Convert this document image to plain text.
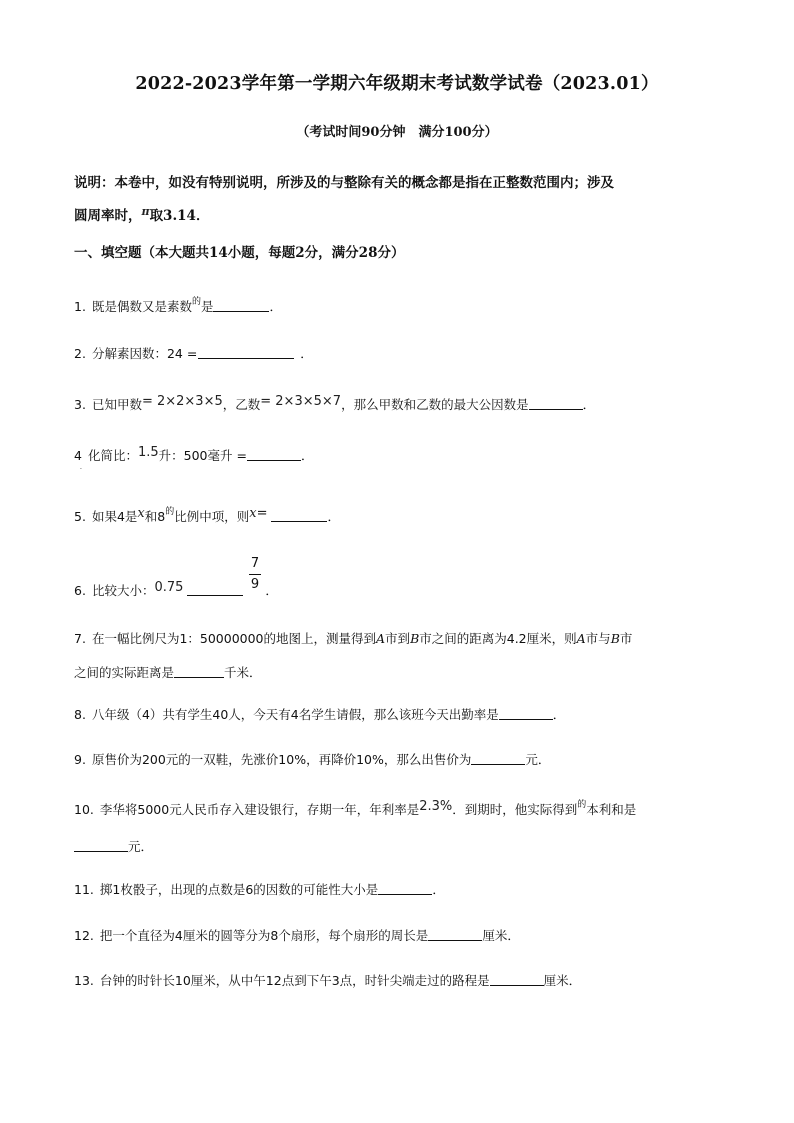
2022-2023学年第一学期六年级期末考试数学试卷（2023.01）
（考试时间90分钟　满分100分）
说明：本卷中，如没有特别说明，所涉及的与整除有关的概念都是指在正整数范围内；涉及
圆周率时，$^\pi$取3.14．
一、填空题（本大题共14小题，每题2分，满分28分）
1. 既是偶数又是素数$^的$是	．
2. 分解素因数：24 =	．
3. 已知甲数= 2×2×3×5，乙数= 2×3×5×7，那么甲数和乙数的最大公因数是	．
4 化简比：1.5升：500毫升 =	．
·
5. 如果4是x和$8^的$比例中项，则x=	．
6. 比较大小：0.75	．
7
9
7. 在一幅比例尺为1：50000000的地图上，测量得到A市到B市之间的距离为4.2厘米，则A市与B市
之间的实际距离是	千米．
8. 八年级（4）共有学生40人，今天有4名学生请假，那么该班今天出勤率是	．
9. 原售价为200元的一双鞋，先涨价10%，再降价10%，那么出售价为	元．
10. 李华将5000元人民币存入建设银行，存期一年，年利率是2.3%．到期时，他实际得到$^的$本利和是
元．
11. 掷1枚骰子，出现的点数是6的因数的可能性大小是	．
12. 把一个直径为4厘米的圆等分为8个扇形，每个扇形的周长是	厘米．
13. 台钟的时针长10厘米，从中午12点到下午3点，时针尖端走过的路程是	厘米．
